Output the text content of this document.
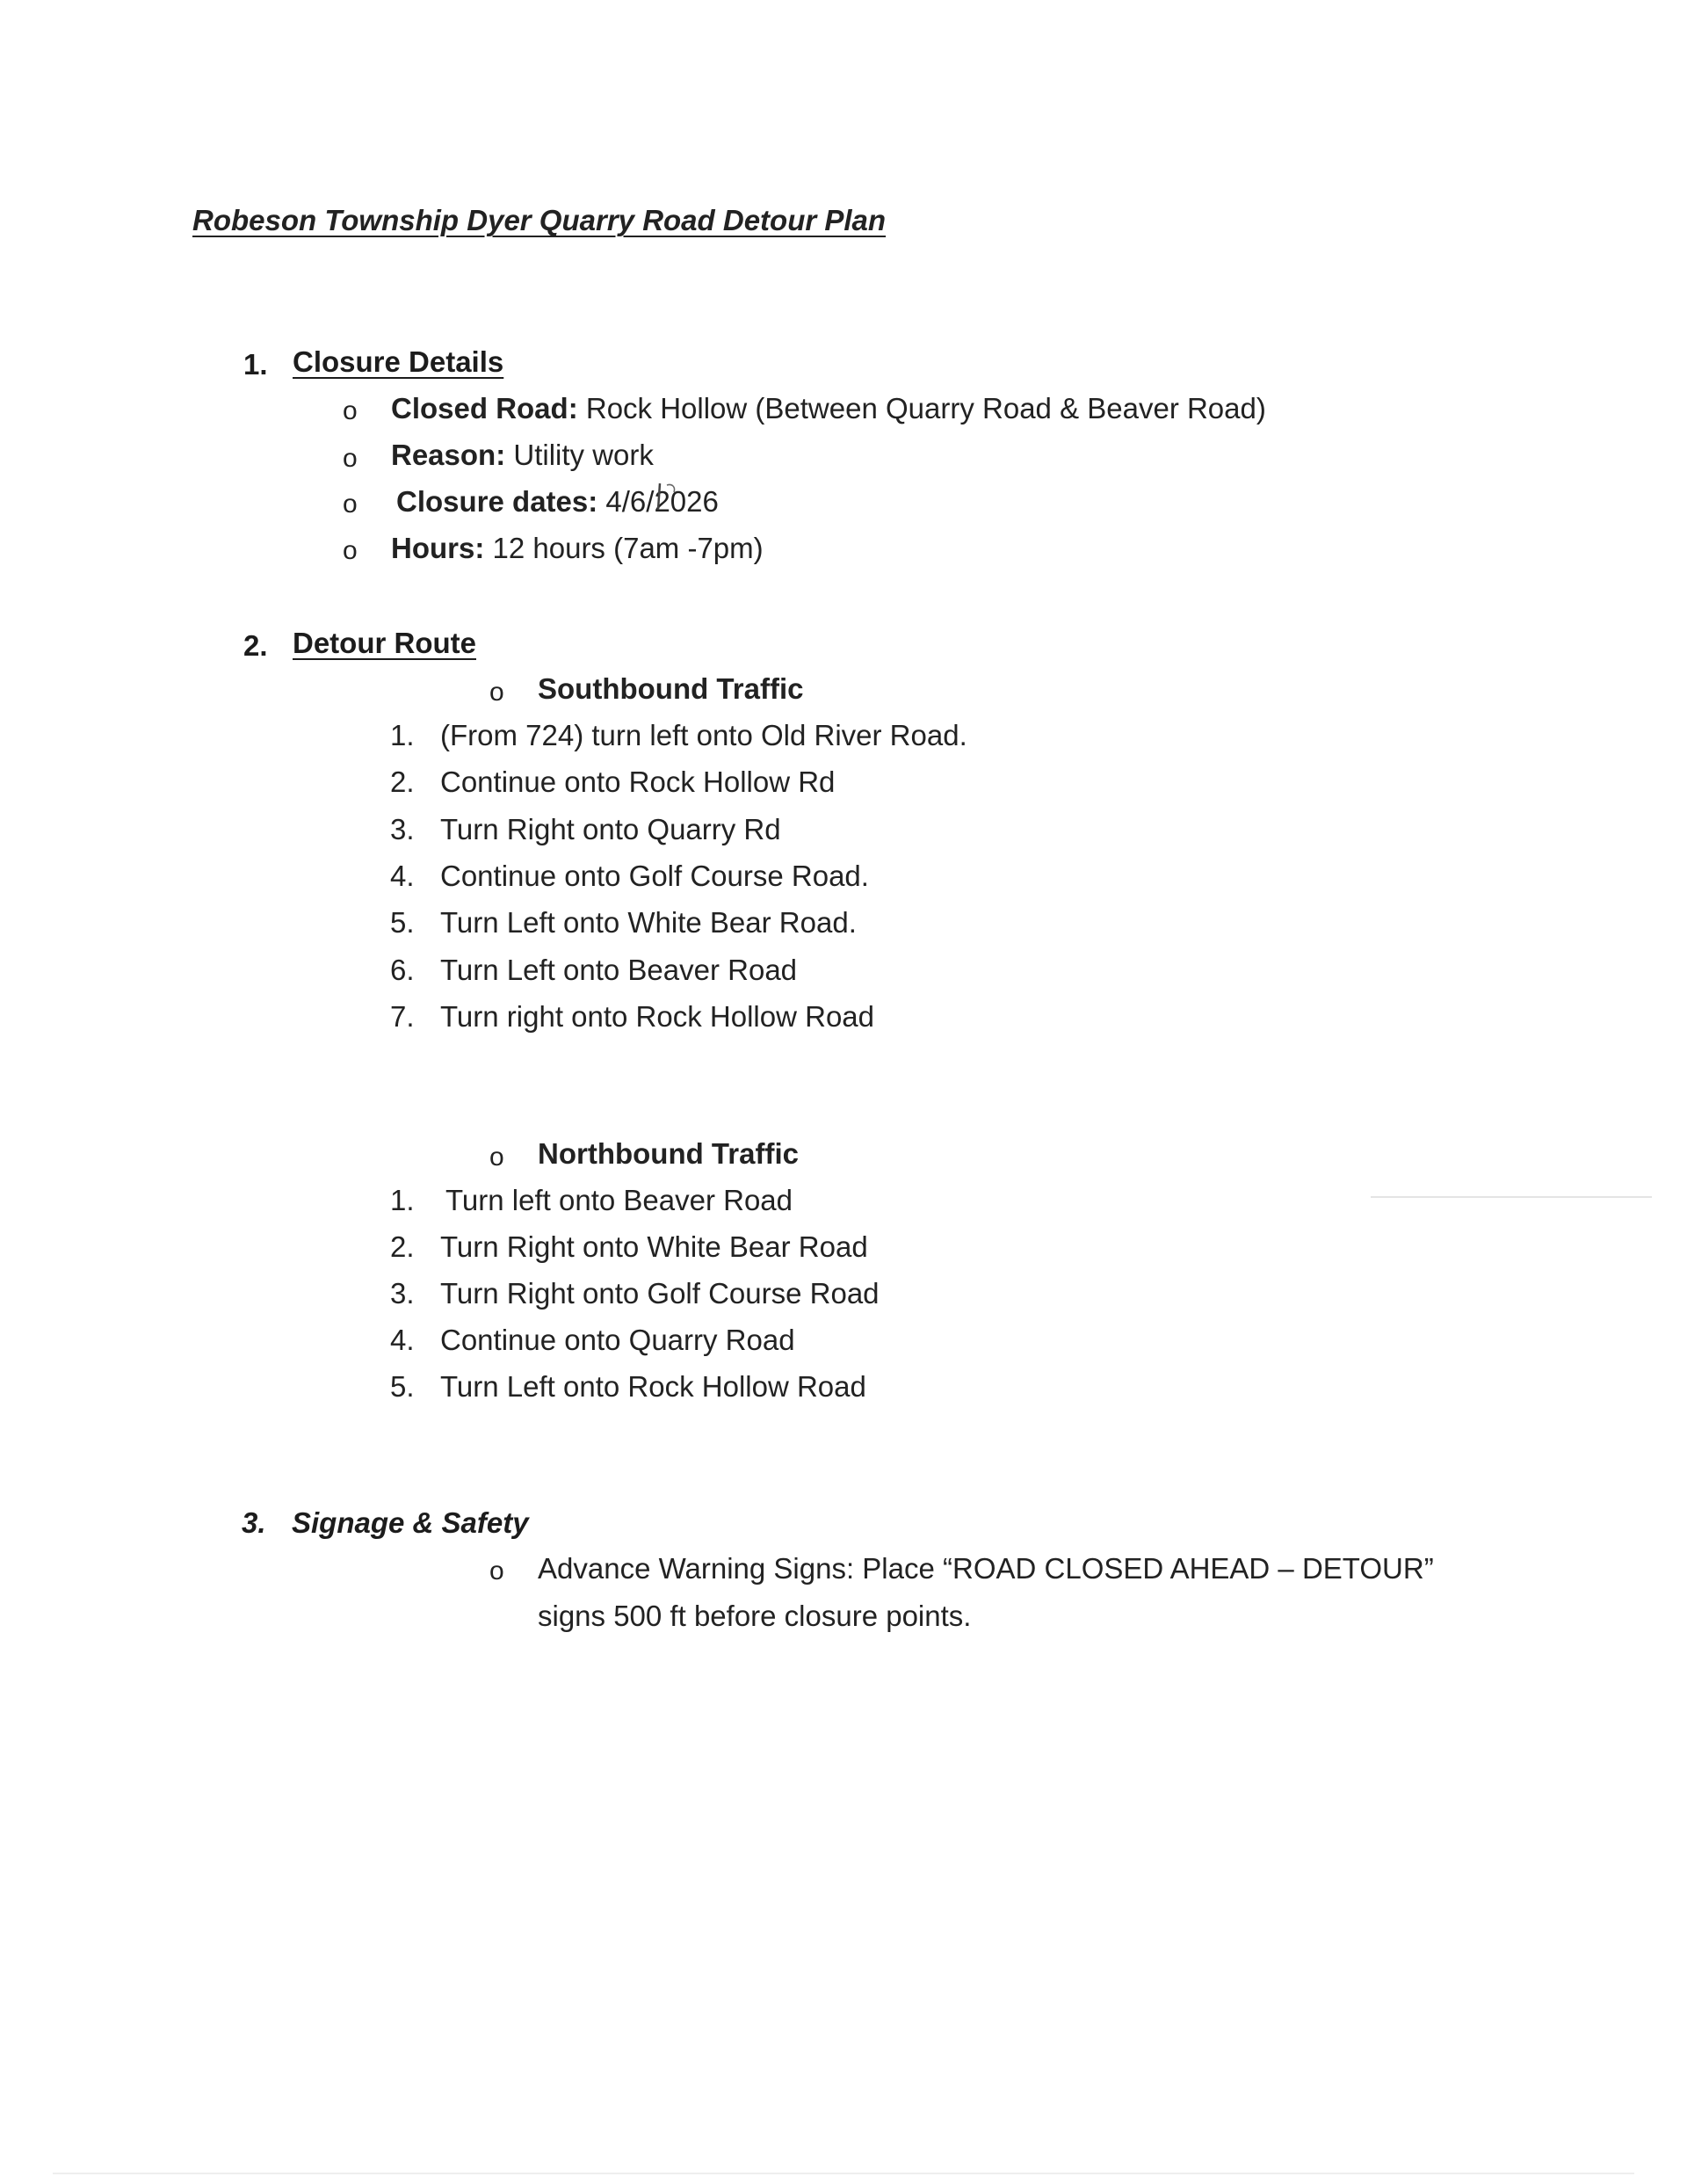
Robeson Township Dyer Quarry Road Detour Plan
1. Closure Details
o Closed Road: Rock Hollow (Between Quarry Road & Beaver Road)
o Reason: Utility work
o Closure dates: 4/6/2026
o Hours: 12 hours (7am -7pm)
2. Detour Route
o Southbound Traffic
1. (From 724) turn left onto Old River Road.
2. Continue onto Rock Hollow Rd
3. Turn Right onto Quarry Rd
4. Continue onto Golf Course Road.
5. Turn Left onto White Bear Road.
6. Turn Left onto Beaver Road
7. Turn right onto Rock Hollow Road
o Northbound Traffic
1. Turn left onto Beaver Road
2. Turn Right onto White Bear Road
3. Turn Right onto Golf Course Road
4. Continue onto Quarry Road
5. Turn Left onto Rock Hollow Road
3. Signage & Safety
o Advance Warning Signs: Place “ROAD CLOSED AHEAD – DETOUR”
signs 500 ft before closure points.
